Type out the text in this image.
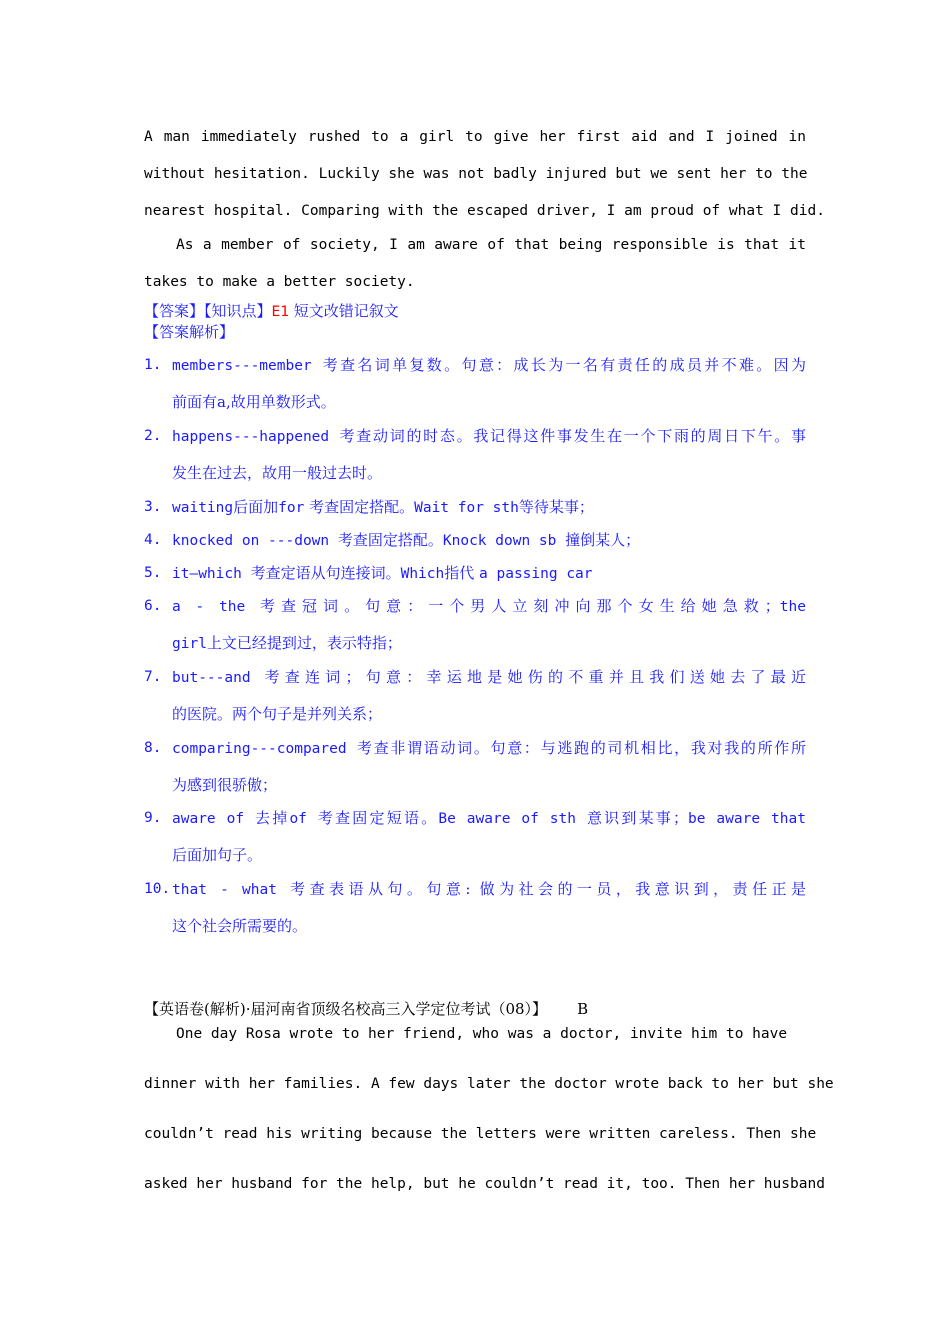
A man immediately rushed to a girl to give her first aid and I joined in
without hesitation. Luckily she was not badly injured but we sent her to the
nearest hospital. Comparing with the escaped driver, I am proud of what I did.
As a member of society, I am aware of that being responsible is that it
takes to make a better society.
【答案】【知识点】E1 短文改错记叙文
【答案解析】
1. members---member 考查名词单复数。句意：成长为一名有责任的成员并不难。因为
前面有a,故用单数形式。
2. happens---happened 考查动词的时态。我记得这件事发生在一个下雨的周日下午。事
发生在过去，故用一般过去时。
3. waiting后面加for 考查固定搭配。Wait for sth等待某事；
4. knocked on ---down 考查固定搭配。Knock down sb 撞倒某人；
5. it—which 考查定语从句连接词。Which指代 a passing car
6. a - the 考查冠词。句意：一个男人立刻冲向那个女生给她急救；the
girl上文已经提到过，表示特指；
7. but---and 考查连词；句意：幸运地是她伤的不重并且我们送她去了最近
的医院。两个句子是并列关系；
8. comparing---compared 考查非谓语动词。句意：与逃跑的司机相比，我对我的所作所
为感到很骄傲；
9. aware of 去掉of 考查固定短语。Be aware of sth 意识到某事；be aware that
后面加句子。
10. that - what 考查表语从句。句意: 做为社会的一员，我意识到，责任正是
这个社会所需要的。
【英语卷(解析)·届河南省顶级名校高三入学定位考试（08）】 B
One day Rosa wrote to her friend, who was a doctor, invite him to have
dinner with her families. A few days later the doctor wrote back to her but she
couldn’t read his writing because the letters were written careless. Then she
asked her husband for the help, but he couldn’t read it, too. Then her husband
